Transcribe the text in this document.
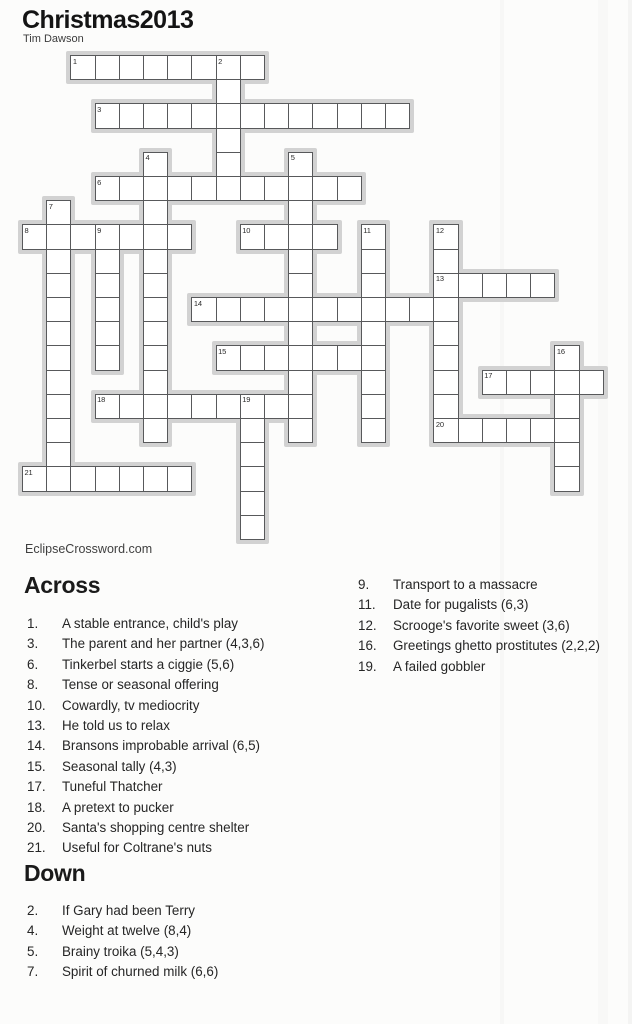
Christmas2013
Tim Dawson
1	2
3
4	5
6
7
8	9	10	11	12
13
14
15	16
17
18	19
20
21
EclipseCrossword.com
Across
1. A stable entrance, child's play
3. The parent and her partner (4,3,6)
6. Tinkerbel starts a ciggie (5,6)
8. Tense or seasonal offering
10. Cowardly, tv mediocrity
13. He told us to relax
14. Bransons improbable arrival (6,5)
15. Seasonal tally (4,3)
17. Tuneful Thatcher
18. A pretext to pucker
20. Santa's shopping centre shelter
21. Useful for Coltrane's nuts
Down
2. If Gary had been Terry
4. Weight at twelve (8,4)
5. Brainy troika (5,4,3)
7. Spirit of churned milk (6,6)
9. Transport to a massacre
11. Date for pugalists (6,3)
12. Scrooge's favorite sweet (3,6)
16. Greetings ghetto prostitutes (2,2,2)
19. A failed gobbler
